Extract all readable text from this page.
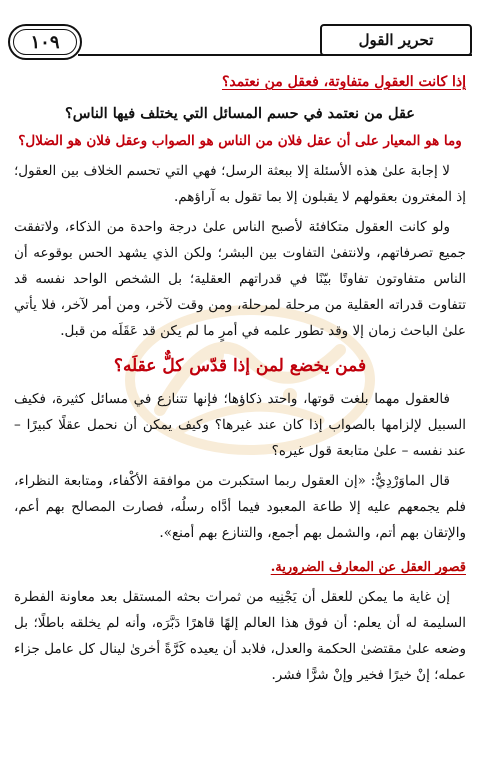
١٠٩	تحرير القول
إذا كانت العقول متفاوتة، فعقل من نعتمد؟

عقل من نعتمد في حسم المسائل التي يختلف فيها الناس؟

وما هو المعيار على أن عقل فلان من الناس هو الصواب وعقل فلان هو الضلال؟

لا إجابة علىٰ هذه الأسئلة إلا ببعثة الرسل؛ فهي التي تحسم الخلاف بين العقول؛ إذ المغترون بعقولهم لا يقبلون إلا بما تقول به آراؤهم.

ولو كانت العقول متكافئة لأصبح الناس علىٰ درجة واحدة من الذكاء، ولاتفقت جميع تصرفاتهم، ولانتفىٰ التفاوت بين البشر؛ ولكن الذي يشهد الحس بوقوعه أن الناس متفاوتون تفاوتًا بيّنًا في قدراتهم العقلية؛ بل الشخص الواحد نفسه قد تتفاوت قدراته العقلية من مرحلة لمرحلة، ومن وقت لآخر، ومن أمر لآخر، فلا يأتي علىٰ الباحث زمان إلا وقد تطور علمه في أمرٍ ما لم يكن قد عَقَلَه من قبل.

فمن يخضع لمن إذا قدّس كلٌّ عقلَه؟

فالعقول مهما بلغت قوتها، واحتد ذكاؤها؛ فإنها تتنازع في مسائل كثيرة، فكيف السبيل لإلزامها بالصواب إذا كان عند غيرها؟ وكيف يمكن أن نحمل عقلًا كبيرًا – عند نفسه – علىٰ متابعة قول غيره؟

قال الماوَرْدِيُّ: «إن العقول ربما استكبرت من موافقة الأكْفاء، ومتابعة النظراء، فلم يجمعهم عليه إلا طاعة المعبود فيما أدَّاه رسلُه، فصارت المصالح بهم أعم، والإتقان بهم أتم، والشمل بهم أجمع، والتنازع بهم أمنع».

قصور العقل عن المعارف الضرورية.

إن غاية ما يمكن للعقل أن يَجْنِيه من ثمرات بحثه المستقل بعد معاونة الفطرة السليمة له أن يعلم: أن فوق هذا العالم إلهًا قاهرًا دَبَّرَه، وأنه لم يخلقه باطلًا؛ بل وضعه علىٰ مقتضىٰ الحكمة والعدل، فلابد أن يعيده كَرَّةً أخرىٰ لينال كل عامل جزاء عمله؛ إنْ خيرًا فخير وإنْ شرًّا فشر.
